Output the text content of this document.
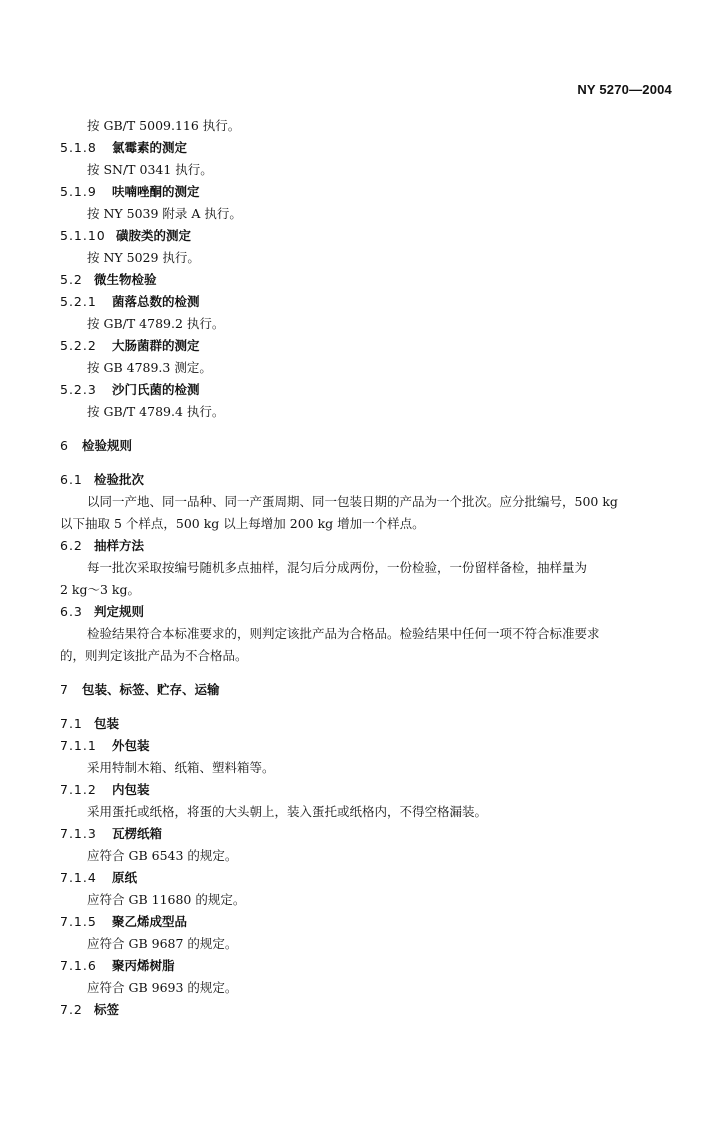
NY 5270—2004

按 GB/T 5009.116 执行。

5.1.8 氯霉素的测定

按 SN/T 0341 执行。

5.1.9 呋喃唑酮的测定

按 NY 5039 附录 A 执行。

5.1.10 磺胺类的测定

按 NY 5029 执行。

5.2 微生物检验

5.2.1 菌落总数的检测

按 GB/T 4789.2 执行。

5.2.2 大肠菌群的测定

按 GB 4789.3 测定。

5.2.3 沙门氏菌的检测

按 GB/T 4789.4 执行。

6 检验规则

6.1 检验批次

以同一产地、同一品种、同一产蛋周期、同一包装日期的产品为一个批次。应分批编号，500 kg

以下抽取 5 个样点，500 kg 以上每增加 200 kg 增加一个样点。

6.2 抽样方法

每一批次采取按编号随机多点抽样，混匀后分成两份，一份检验，一份留样备检，抽样量为

2 kg～3 kg。

6.3 判定规则

检验结果符合本标准要求的，则判定该批产品为合格品。检验结果中任何一项不符合标准要求

的，则判定该批产品为不合格品。

7 包装、标签、贮存、运输

7.1 包装

7.1.1 外包装

采用特制木箱、纸箱、塑料箱等。

7.1.2 内包装

采用蛋托或纸格，将蛋的大头朝上，装入蛋托或纸格内，不得空格漏装。

7.1.3 瓦楞纸箱

应符合 GB 6543 的规定。

7.1.4 原纸

应符合 GB 11680 的规定。

7.1.5 聚乙烯成型品

应符合 GB 9687 的规定。

7.1.6 聚丙烯树脂

应符合 GB 9693 的规定。

7.2 标签
